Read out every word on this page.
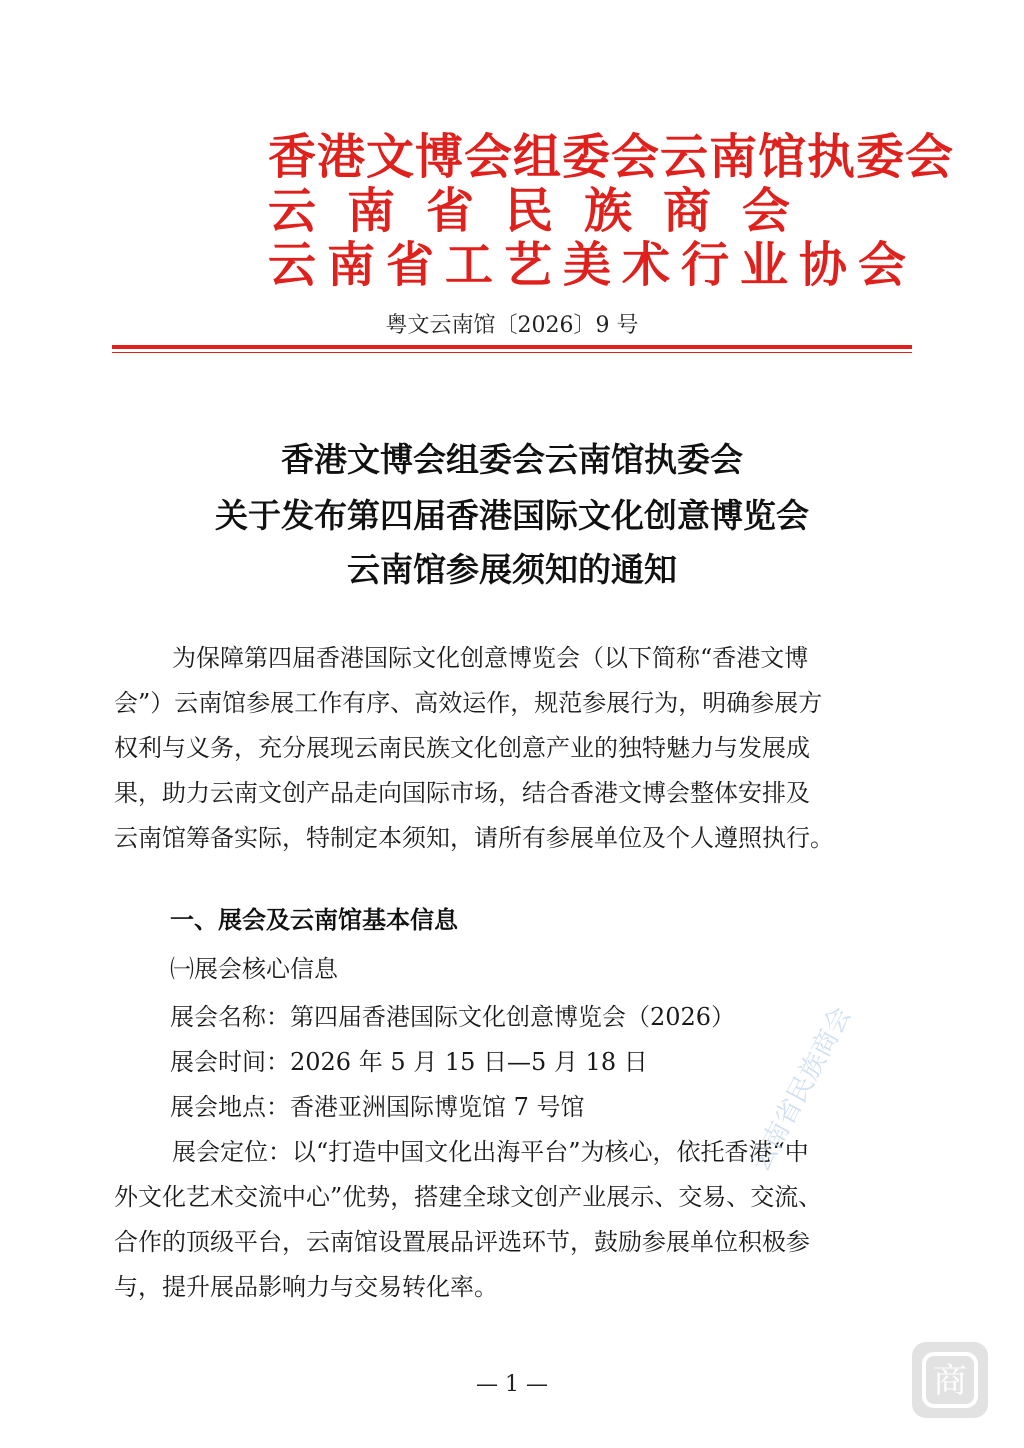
香港文博会组委会云南馆执委会
云南省民族商会
云南省工艺美术行业协会
粤文云南馆〔2026〕9 号
香港文博会组委会云南馆执委会
关于发布第四届香港国际文化创意博览会
云南馆参展须知的通知
为保障第四届香港国际文化创意博览会（以下简称“香港文博
会”）云南馆参展工作有序、高效运作，规范参展行为，明确参展方
权利与义务，充分展现云南民族文化创意产业的独特魅力与发展成
果，助力云南文创产品走向国际市场，结合香港文博会整体安排及
云南馆筹备实际，特制定本须知，请所有参展单位及个人遵照执行。
一、展会及云南馆基本信息
㈠展会核心信息
展会名称：第四届香港国际文化创意博览会（2026）
展会时间：2026 年 5 月 15 日—5 月 18 日
展会地点：香港亚洲国际博览馆 7 号馆
展会定位：以“打造中国文化出海平台”为核心，依托香港“中
外文化艺术交流中心”优势，搭建全球文创产业展示、交易、交流、
合作的顶级平台，云南馆设置展品评选环节，鼓励参展单位积极参
与，提升展品影响力与交易转化率。
— 1 —
云南省民族商会
商
